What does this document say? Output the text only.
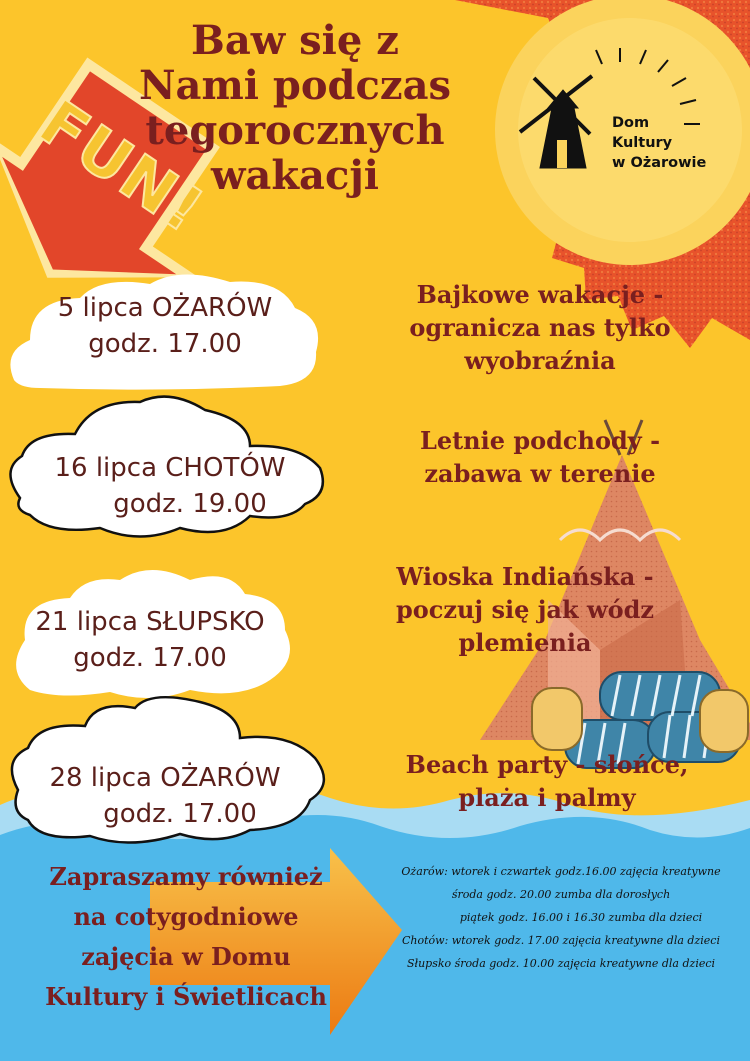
Baw się z
Nami podczas
tegorocznych
wakacji
FUN!	Dom
Kultury
w Ożarowie
5 lipca OŻARÓW
godz. 17.00
16 lipca CHOTÓW
godz. 19.00
21 lipca SŁUPSKO
godz. 17.00
28 lipca OŻARÓW
godz. 17.00
Bajkowe wakacje -
ogranicza nas tylko
wyobraźnia
Letnie podchody -
zabawa w terenie
Wioska Indiańska -
poczuj się jak wódz
plemienia
Beach party - słońce,
plaża i palmy
Zapraszamy również
na cotygodniowe
zajęcia w Domu
Kultury i Świetlicach
Ożarów: wtorek i czwartek godz.16.00 zajęcia kreatywne
środa godz. 20.00 zumba dla dorosłych
piątek godz. 16.00 i 16.30 zumba dla dzieci
Chotów: wtorek godz. 17.00 zajęcia kreatywne dla dzieci
Słupsko środa godz. 10.00 zajęcia kreatywne dla dzieci
